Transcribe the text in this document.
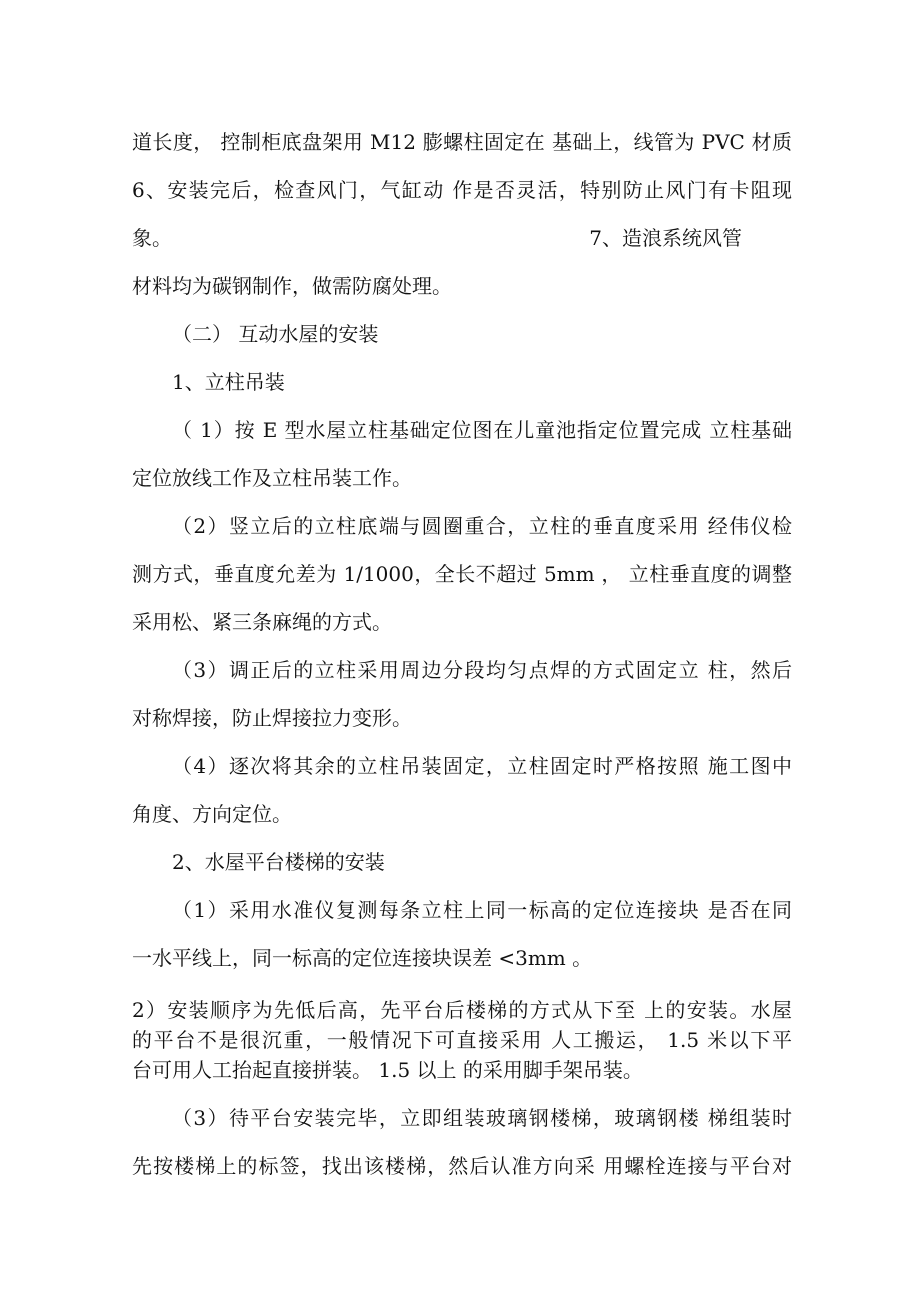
道长度， 控制柜底盘架用 M12 膨螺柱固定在 基础上，线管为 PVC 材质
6、安装完后，检查风门，气缸动 作是否灵活，特别防止风门有卡阻现
象。	7、造浪系统风管
材料均为碳钢制作，做需防腐处理。
（二） 互动水屋的安装
1、立柱吊装
（ 1）按 E 型水屋立柱基础定位图在儿童池指定位置完成 立柱基础
定位放线工作及立柱吊装工作。
（2）竖立后的立柱底端与圆圈重合，立柱的垂直度采用 经伟仪检
测方式，垂直度允差为 1/1000，全长不超过 5mm ， 立柱垂直度的调整
采用松、紧三条麻绳的方式。
（3）调正后的立柱采用周边分段均匀点焊的方式固定立 柱，然后
对称焊接，防止焊接拉力变形。
（4）逐次将其余的立柱吊装固定，立柱固定时严格按照 施工图中
角度、方向定位。
2、水屋平台楼梯的安装
（1）采用水准仪复测每条立柱上同一标高的定位连接块 是否在同
一水平线上，同一标高的定位连接块误差 <3mm 。
2）安装顺序为先低后高，先平台后楼梯的方式从下至 上的安装。水屋
的平台不是很沉重，一般情况下可直接采用 人工搬运， 1.5 米以下平
台可用人工抬起直接拼装。 1.5 以上 的采用脚手架吊装。
（3）待平台安装完毕，立即组装玻璃钢楼梯，玻璃钢楼 梯组装时
先按楼梯上的标签，找出该楼梯，然后认准方向采 用螺栓连接与平台对
